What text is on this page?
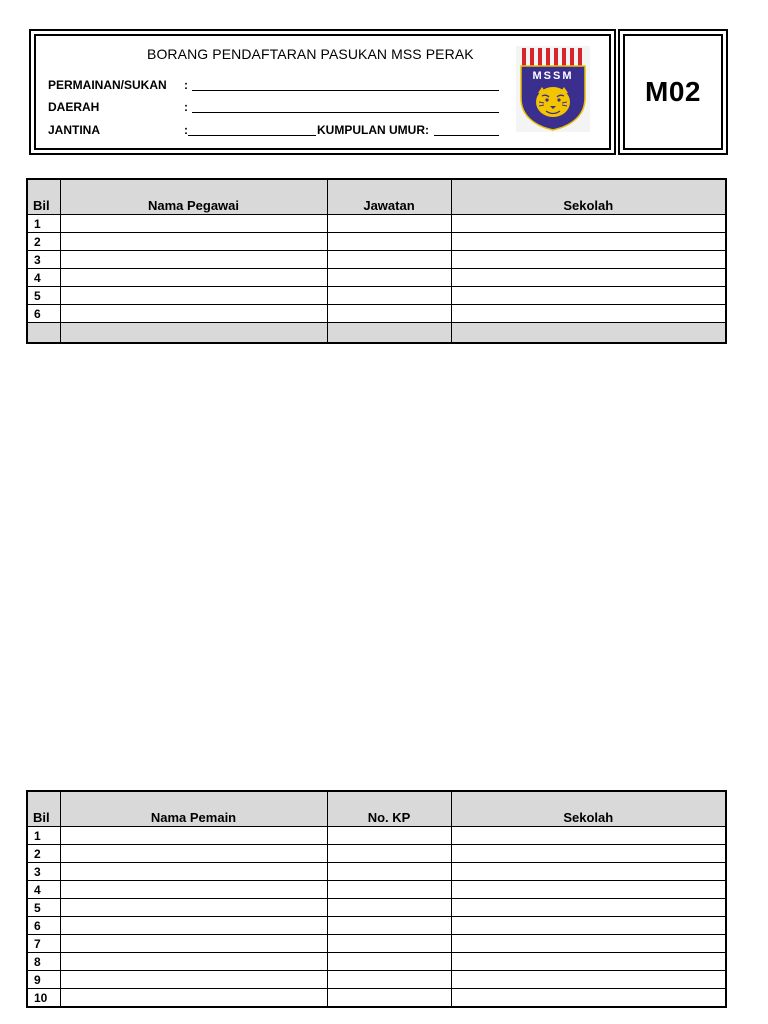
BORANG PENDAFTARAN PASUKAN MSS PERAK
PERMAINAN/SUKAN :
DAERAH	:
JANTINA	:	KUMPULAN UMUR:
MSSM	M02
Bil	Nama Pegawai	Jawatan	Sekolah
1			
2			
3			
4			
5			
6			

Bil	Nama Pemain	No. KP	Sekolah
1			
2			
3			
4			
5			
6			
7			
8			
9			
10			
